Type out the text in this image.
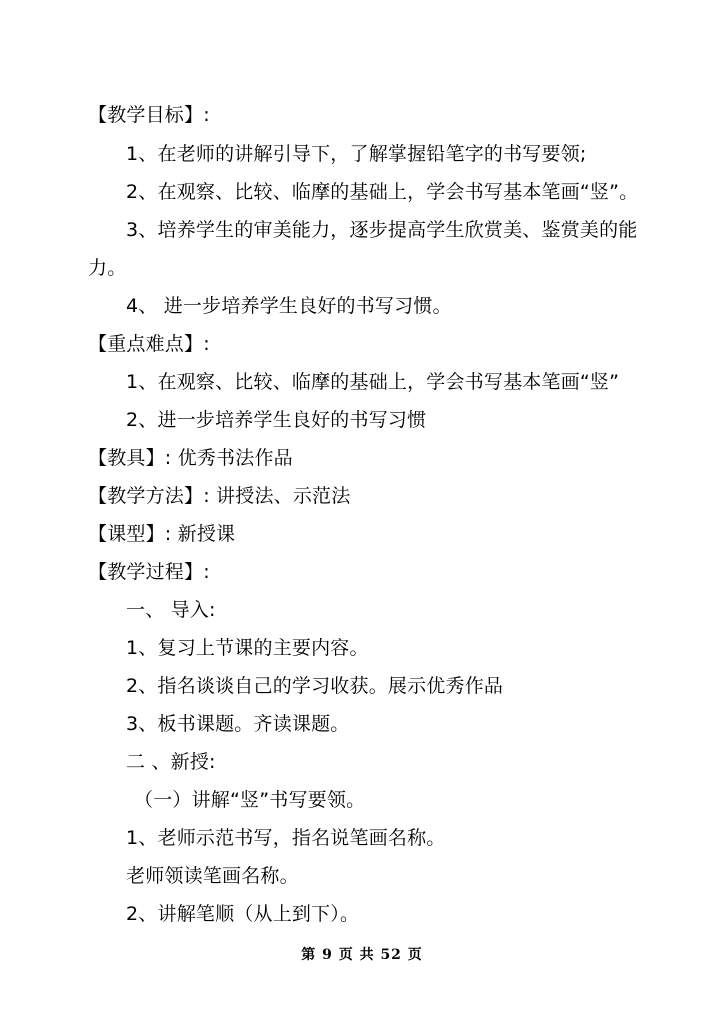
【教学目标】:
1、在老师的讲解引导下，了解掌握铅笔字的书写要领;
2、在观察、比较、临摩的基础上，学会书写基本笔画“竖”。
3、培养学生的审美能力，逐步提高学生欣赏美、鉴赏美的能
力。
4、 进一步培养学生良好的书写习惯。
【重点难点】:
1、在观察、比较、临摩的基础上，学会书写基本笔画“竖”
2、进一步培养学生良好的书写习惯
【教具】: 优秀书法作品
【教学方法】: 讲授法、示范法
【课型】: 新授课
【教学过程】:
一、 导入:
1、复习上节课的主要内容。
2、指名谈谈自己的学习收获。展示优秀作品
3、板书课题。齐读课题。
二 、新授:
（一）讲解“竖”书写要领。
1、老师示范书写，指名说笔画名称。
老师领读笔画名称。
2、讲解笔顺（从上到下）。
第 9 页 共 52 页
